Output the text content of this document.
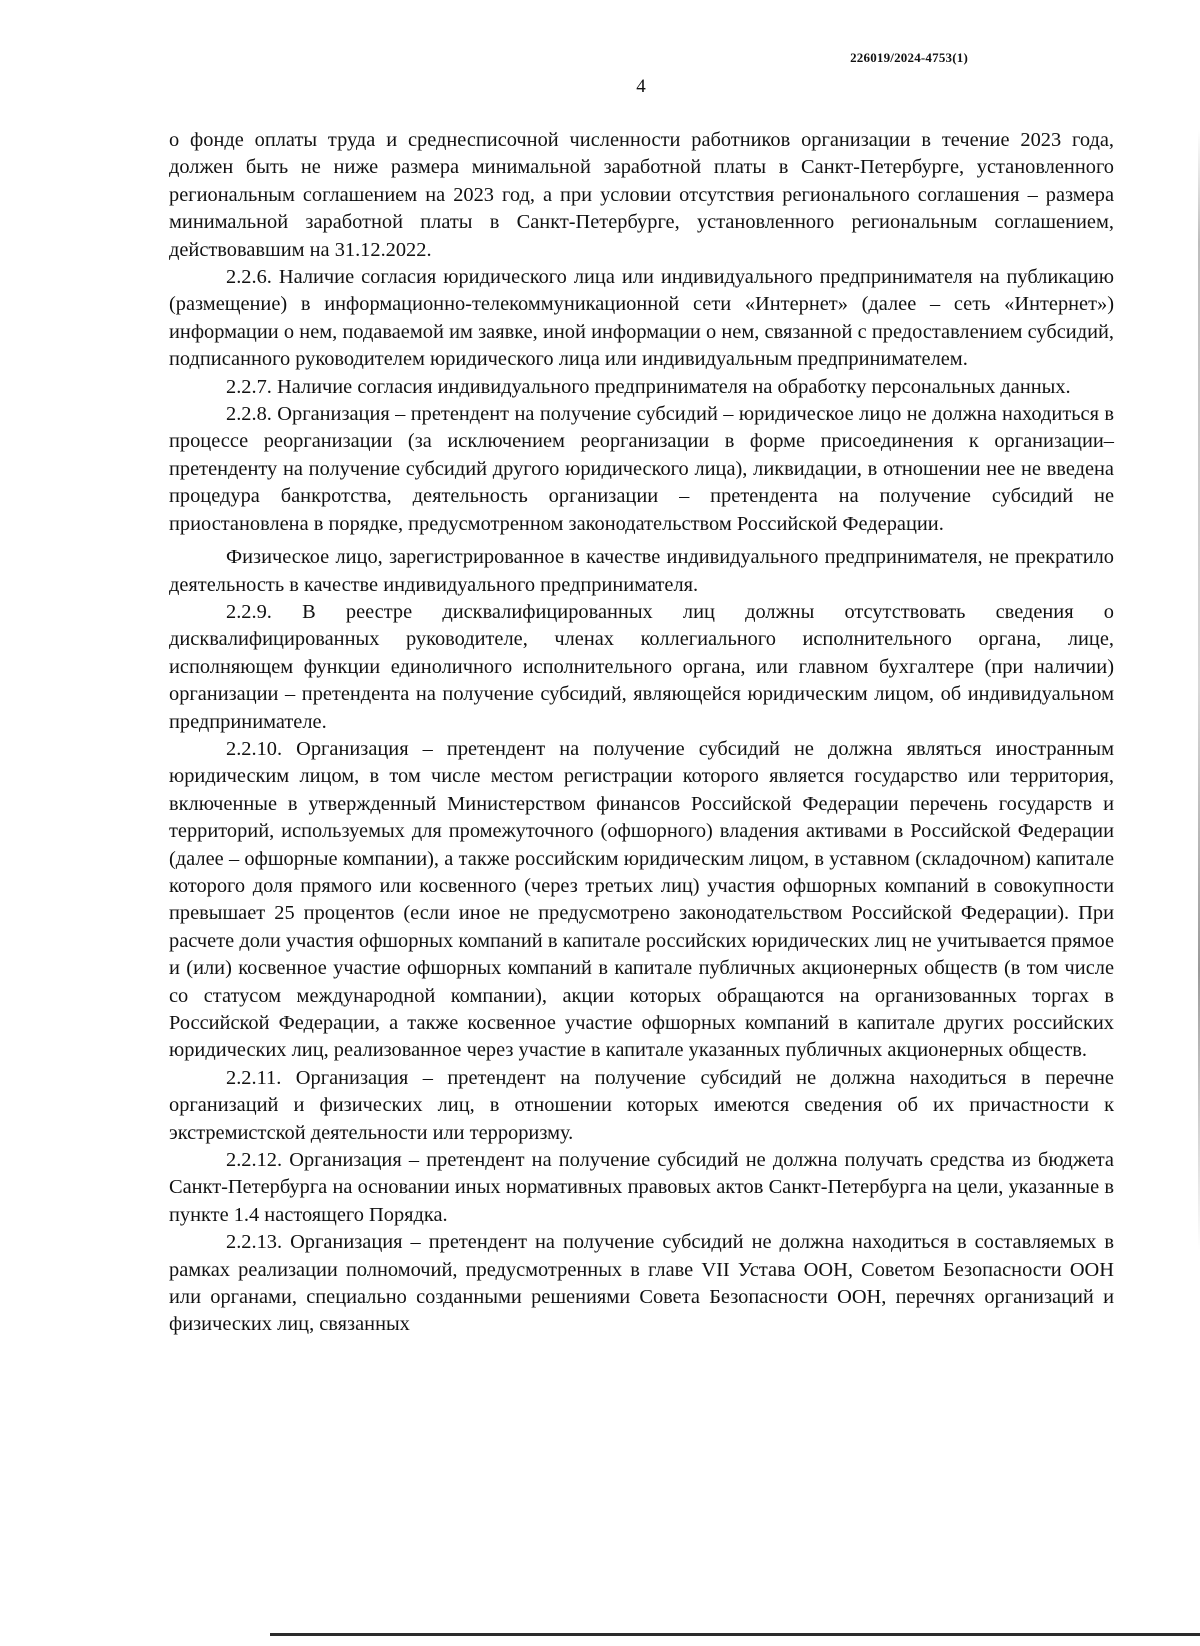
226019/2024-4753(1)
4

о фонде оплаты труда и среднесписочной численности работников организации в течение 2023 года, должен быть не ниже размера минимальной заработной платы в Санкт-Петербурге, установленного региональным соглашением на 2023 год, а при условии отсутствия регионального соглашения – размера минимальной заработной платы в Санкт-Петербурге, установленного региональным соглашением, действовавшим на 31.12.2022.

2.2.6. Наличие согласия юридического лица или индивидуального предпринимателя на публикацию (размещение) в информационно-телекоммуникационной сети «Интернет» (далее – сеть «Интернет») информации о нем, подаваемой им заявке, иной информации о нем, связанной с предоставлением субсидий, подписанного руководителем юридического лица или индивидуальным предпринимателем.

2.2.7. Наличие согласия индивидуального предпринимателя на обработку персональных данных.

2.2.8. Организация – претендент на получение субсидий – юридическое лицо не должна находиться в процессе реорганизации (за исключением реорганизации в форме присоединения к организации– претенденту на получение субсидий другого юридического лица), ликвидации, в отношении нее не введена процедура банкротства, деятельность организации – претендента на получение субсидий не приостановлена в порядке, предусмотренном законодательством Российской Федерации.

Физическое лицо, зарегистрированное в качестве индивидуального предпринимателя, не прекратило деятельность в качестве индивидуального предпринимателя.

2.2.9. В реестре дисквалифицированных лиц должны отсутствовать сведения о дисквалифицированных руководителе, членах коллегиального исполнительного органа, лице, исполняющем функции единоличного исполнительного органа, или главном бухгалтере (при наличии) организации – претендента на получение субсидий, являющейся юридическим лицом, об индивидуальном предпринимателе.

2.2.10. Организация – претендент на получение субсидий не должна являться иностранным юридическим лицом, в том числе местом регистрации которого является государство или территория, включенные в утвержденный Министерством финансов Российской Федерации перечень государств и территорий, используемых для промежуточного (офшорного) владения активами в Российской Федерации (далее – офшорные компании), а также российским юридическим лицом, в уставном (складочном) капитале которого доля прямого или косвенного (через третьих лиц) участия офшорных компаний в совокупности превышает 25 процентов (если иное не предусмотрено законодательством Российской Федерации). При расчете доли участия офшорных компаний в капитале российских юридических лиц не учитывается прямое и (или) косвенное участие офшорных компаний в капитале публичных акционерных обществ (в том числе со статусом международной компании), акции которых обращаются на организованных торгах в Российской Федерации, а также косвенное участие офшорных компаний в капитале других российских юридических лиц, реализованное через участие в капитале указанных публичных акционерных обществ.

2.2.11. Организация – претендент на получение субсидий не должна находиться в перечне организаций и физических лиц, в отношении которых имеются сведения об их причастности к экстремистской деятельности или терроризму.

2.2.12. Организация – претендент на получение субсидий не должна получать средства из бюджета Санкт-Петербурга на основании иных нормативных правовых актов Санкт-Петербурга на цели, указанные в пункте 1.4 настоящего Порядка.

2.2.13. Организация – претендент на получение субсидий не должна находиться в составляемых в рамках реализации полномочий, предусмотренных в главе VII Устава ООН, Советом Безопасности ООН или органами, специально созданными решениями Совета Безопасности ООН, перечнях организаций и физических лиц, связанных
